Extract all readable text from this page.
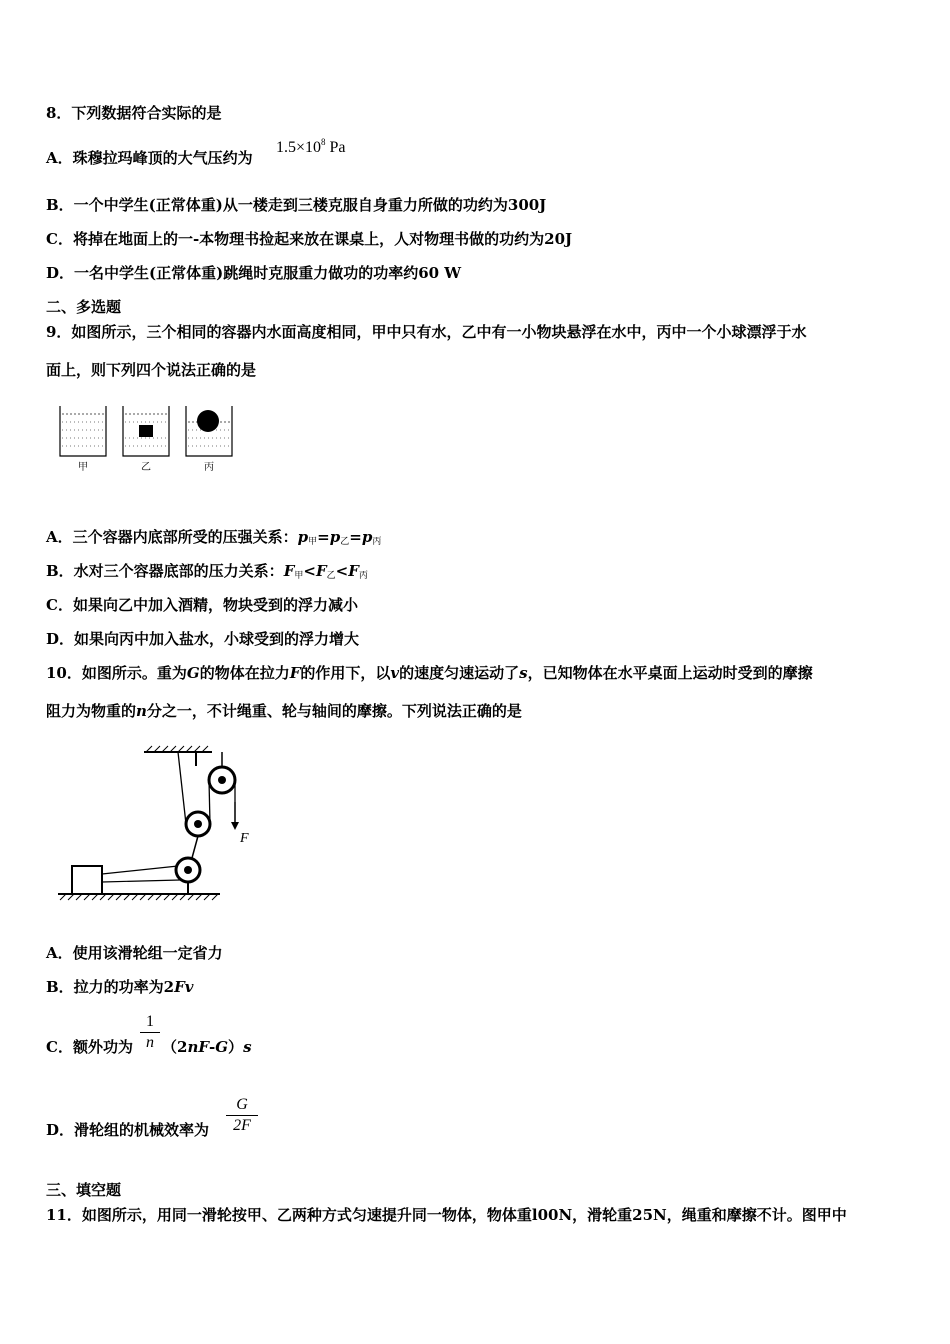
8．下列数据符合实际的是
A．珠穆拉玛峰顶的大气压约为
$1.5\times 10^8$ Pa
B．一个中学生(正常体重)从一楼走到三楼克服自身重力所做的功约为300J
C．将掉在地面上的一-本物理书捡起来放在课桌上，人对物理书做的功约为20J
D．一名中学生(正常体重)跳绳时克服重力做功的功率约60 W
二、多选题
9．如图所示，三个相同的容器内水面高度相同，甲中只有水，乙中有一小物块悬浮在水中，丙中一个小球漂浮于水
面上，则下列四个说法正确的是
甲	乙	丙
A．三个容器内底部所受的压强关系：$p_甲=p_乙=p_丙$
B．水对三个容器底部的压力关系：$F_甲<F_乙<F_丙$
C．如果向乙中加入酒精，物块受到的浮力减小
D．如果向丙中加入盐水，小球受到的浮力增大
10．如图所示。重为G的物体在拉力F的作用下，以v的速度匀速运动了s，已知物体在水平桌面上运动时受到的摩擦
阻力为物重的n分之一，不计绳重、轮与轴间的摩擦。下列说法正确的是
F
A．使用该滑轮组一定省力
B．拉力的功率为2Fv
1
n
C．额外功为 （2nF-G）s
G
2F
D．滑轮组的机械效率为
三、填空题
11．如图所示，用同一滑轮按甲、乙两种方式匀速提升同一物体，物体重l00N，滑轮重25N，绳重和摩擦不计。图甲中
